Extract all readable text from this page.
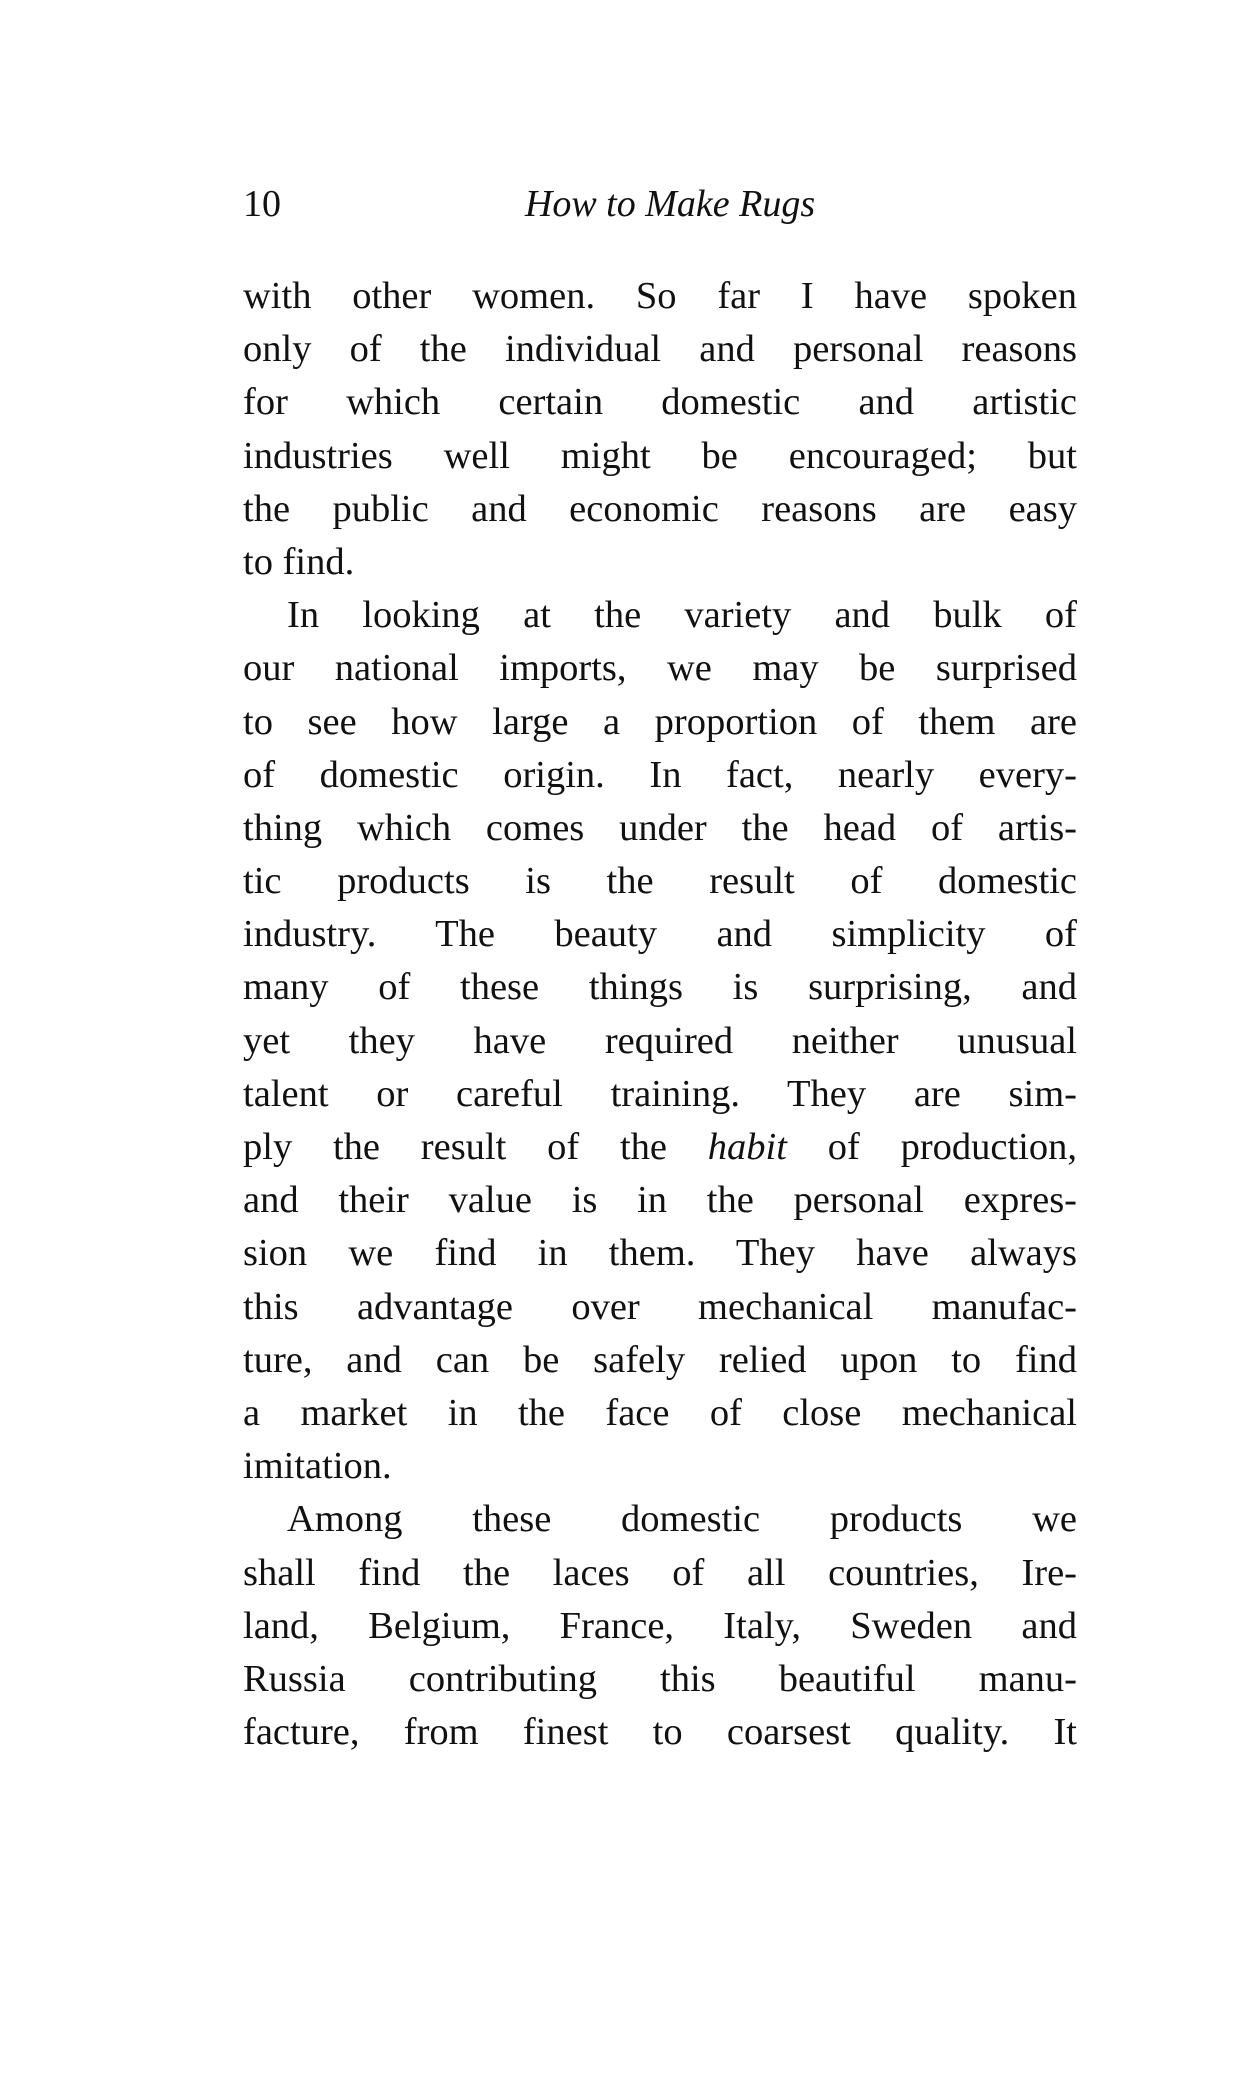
10	How to Make Rugs
with other women. So far I have spoken
only of the individual and personal reasons
for which certain domestic and artistic
industries well might be encouraged; but
the public and economic reasons are easy
to find.
In looking at the variety and bulk of
our national imports, we may be surprised
to see how large a proportion of them are
of domestic origin. In fact, nearly every-
thing which comes under the head of artis-
tic products is the result of domestic
industry. The beauty and simplicity of
many of these things is surprising, and
yet they have required neither unusual
talent or careful training. They are sim-
ply the result of the habit of production,
and their value is in the personal expres-
sion we find in them. They have always
this advantage over mechanical manufac-
ture, and can be safely relied upon to find
a market in the face of close mechanical
imitation.
Among these domestic products we
shall find the laces of all countries, Ire-
land, Belgium, France, Italy, Sweden and
Russia contributing this beautiful manu-
facture, from finest to coarsest quality. It
